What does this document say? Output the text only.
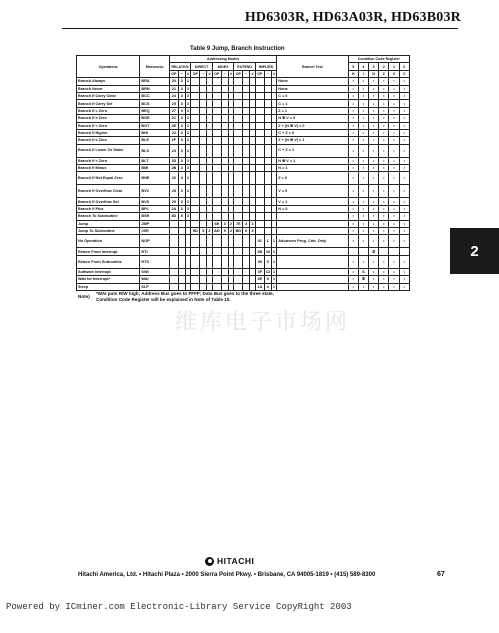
HD6303R, HD63A03R, HD63B03R
Table 9 Jump, Branch Instruction
Operations	Mnemonic	Addressing Modes															Branch Test	Condition Code Register					
		RELATIVE			DIRECT			INDEX			EXTEND			IMPLIED				5	4	3	2	1	0
		OP	~	#	OP	~	#	OP	~	#	OP	~	#	OP	~	#		H	I	N	Z	V	C
Branch Always	BRA	20	3	2													None	•	•	•	•	•	•
Branch Never	BRN	21	3	2													None	•	•	•	•	•	•
Branch If Carry Clear	BCC	24	3	2													C = 0	•	•	•	•	•	•
Branch If Carry Set	BCS	25	3	2													C = 1	•	•	•	•	•	•
Branch If = Zero	BEQ	27	3	2													Z = 1	•	•	•	•	•	•
Branch If ≥ Zero	BGE	2C	3	2													N ⊕ V = 0	•	•	•	•	•	•
Branch If > Zero	BGT	2E	3	2													Z + (N ⊕ V) = 0	•	•	•	•	•	•
Branch If Higher	BHI	22	3	2													C + Z = 0	•	•	•	•	•	•
Branch If ≤ Zero	BLE	2F	3	2													Z + (N ⊕ V) = 1	•	•	•	•	•	•
Branch If Lower Or Same	BLS	23	3	2													C + Z = 1	•	•	•	•	•	•
Branch If < Zero	BLT	2D	3	2													N ⊕ V = 1	•	•	•	•	•	•
Branch If Minus	BMI	2B	3	2													N = 1	•	•	•	•	•	•
Branch If Not Equal Zero	BNE	26	3	2													Z = 0	•	•	•	•	•	•
Branch If Overflow Clear	BVC	28	3	2													V = 0	•	•	•	•	•	•
Branch If Overflow Set	BVS	29	3	2													V = 1	•	•	•	•	•	•
Branch If Plus	BPL	2A	3	2													N = 0	•	•	•	•	•	•
Branch To Subroutine	BSR	8D	5	2														•	•	•	•	•	•
Jump	JMP							6E	3	2	7E	3	3					•	•	•	•	•	•
Jump To Subroutine	JSR				9D	5	2	AD	5	2	BD	6	3					•	•	•	•	•	•
No Operation	NOP													01	1	1	Advances Prog. Cntr. Only	•	•	•	•	•	•
Return From Interrupt	RTI													3B	10	1				⑤			
Return From Subroutine	RTS													39	5	1		•	•	•	•	•	•
Software Interrupt	SWI													3F	12	1		•	S	•	•	•	•
Wait for Interrupt*	WAI													3E	9	1		•	⑥	•	•	•	•
Sleep	SLP													1A	4	1		•	•	•	•	•	•
Note)
*WAI puts R/W high; Address Bus goes to FFFF; Data Bus goes to the three state.
Condition Code Register will be explained in Note of Table 10.
维库电子市场网
2
HITACHI
Hitachi America, Ltd. • Hitachi Plaza • 2000 Sierra Point Pkwy. • Brisbane, CA 94005-1819 • (415) 589-8300	67
Powered by ICminer.com Electronic-Library Service CopyRight 2003
